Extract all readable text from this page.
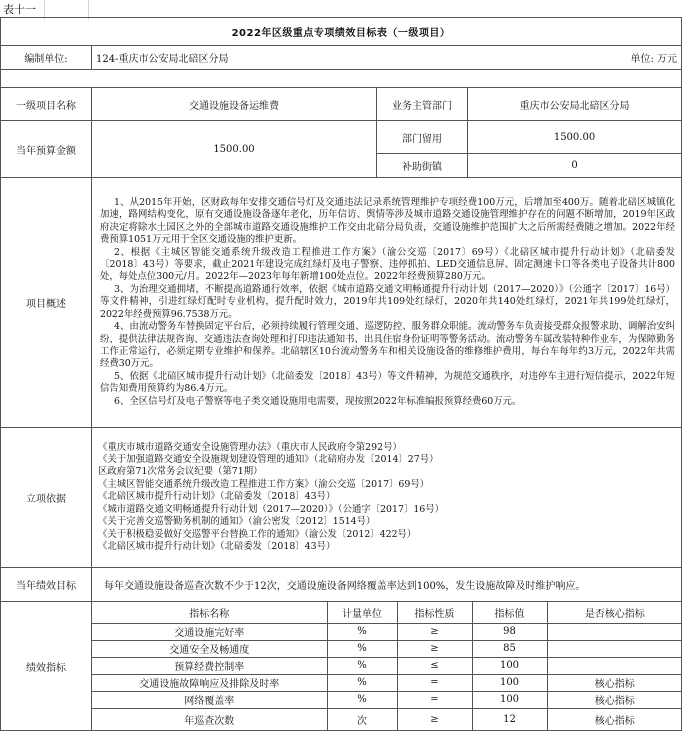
表十一
2022年区级重点专项绩效目标表（一级项目）
编制单位:	124-重庆市公安局北碚区分局	单位: 万元

一级项目名称	交通设施设备运维费	业务主管部门	重庆市公安局北碚区分局
当年预算金额	1500.00	部门留用	1500.00
补助街镇	0
项目概述	

1、从2015年开始，区财政每年安排交通信号灯及交通违法记录系统管理维护专项经费100万元，后增加至400万。随着北碚区城镇化加速，路网结构变化，原有交通设施设备逐年老化，历年信访、舆情等涉及城市道路交通设施管理维护存在的问题不断增加，2019年区政府决定将除水土园区之外的全部城市道路交通设施维护工作交由北碚分局负责，交通设施维护范围扩大之后所需经费随之增加。2022年经费预算1051万元用于全区交通设施的维护更新。

2、根据《主城区智能交通系统升级改造工程推进工作方案》（渝公交巡〔2017〕69号）《北碚区城市提升行动计划》（北碚委发〔2018〕43号）等要求，截止2021年建设完成红绿灯及电子警察、违停抓拍、LED交通信息屏、固定测速卡口等各类电子设备共计800处，每处点位300元/月。2022年—2023年每年新增100处点位。2022年经费预算280万元。

3、为治理交通拥堵，不断提高道路通行效率，依据《城市道路交通文明畅通提升行动计划（2017—2020）》（公通字〔2017〕16号）等文件精神，引进红绿灯配时专业机构，提升配时效力，2019年共109处红绿灯，2020年共140处红绿灯，2021年共199处红绿灯，2022年经费预算96.7538万元。

4、由流动警务车替换固定平台后，必须持续履行管理交通、巡逻防控、服务群众职能。流动警务车负责接受群众报警求助、调解治安纠纷、提供法律法规咨询、交通违法查询处理和打印违法通知书、出具住宿身份证明等警务活动。流动警务车属改装特种作业车，为保障勤务工作正常运行，必须定期专业维护和保养。北碚辖区10台流动警务车和相关设施设备的维修维护费用，每台车每年约3万元，2022年共需经费30万元。

5、依据《北碚区城市提升行动计划》（北碚委发〔2018〕43号）等文件精神，为规范交通秩序，对违停车主进行短信提示，2022年短信告知费用预算约为86.4万元。

6、全区信号灯及电子警察等电子类交通设施用电需要，现按照2022年标准编报预算经费60万元。

立项依据	

《重庆市城市道路交通安全设施管理办法》（重庆市人民政府令第292号）

《关于加强道路交通安全设施规划建设管理的通知》（北碚府办发〔2014〕27号）

区政府第71次常务会议纪要（第71期）

《主城区智能交通系统升级改造工程推进工作方案》（渝公交巡〔2017〕69号）

《北碚区城市提升行动计划》（北碚委发〔2018〕43号）

《城市道路交通文明畅通提升行动计划（2017—2020）》（公通字〔2017〕16号）

《关于完善交巡警勤务机制的通知》（渝公密发〔2012〕1514号）

《关于积极稳妥做好交巡警平台替换工作的通知》（渝公发〔2012〕422号）

《北碚区城市提升行动计划》（北碚委发〔2018〕43号）

当年绩效目标	每年交通设施设备巡查次数不少于12次，交通设施设备网络覆盖率达到100%，发生设施故障及时维护响应。
绩效指标	
指标名称	计量单位	指标性质	指标值	是否核心指标
交通设施完好率	%	≥	98	
交通安全及畅通度	%	≥	85	
预算经费控制率	%	≤	100	
交通设施故障响应及排除及时率	%	=	100	核心指标
网络覆盖率	%	=	100	核心指标
年巡查次数	次	≥	12	核心指标
